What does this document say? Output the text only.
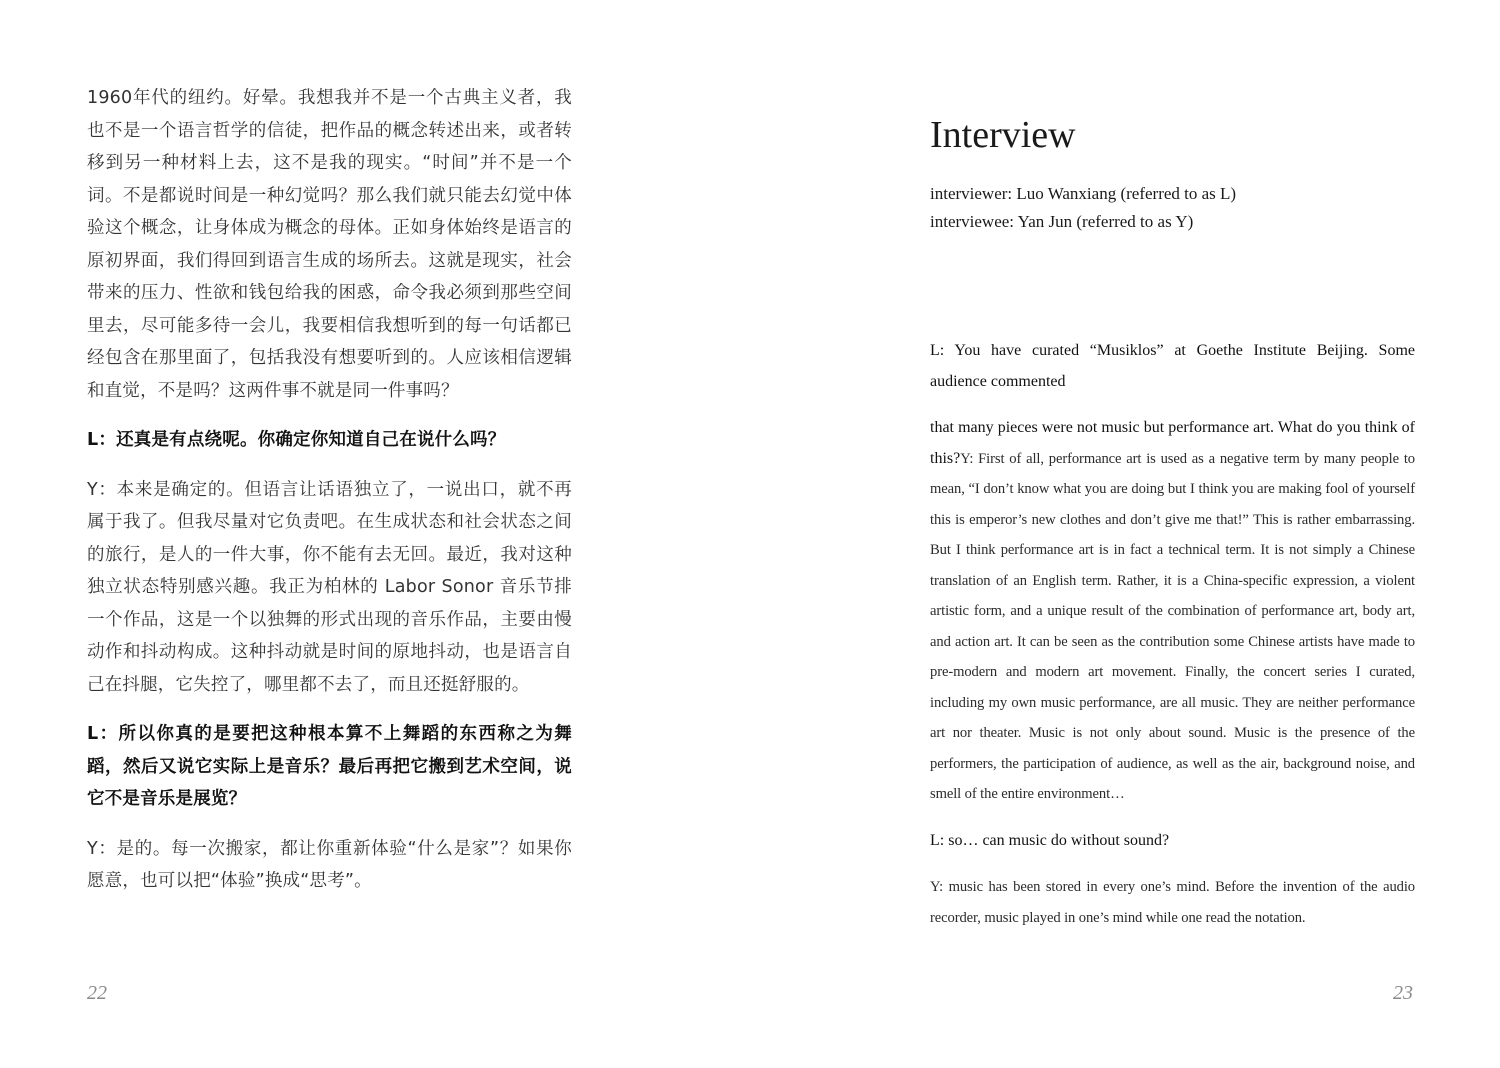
1960年代的纽约。好晕。我想我并不是一个古典主义者，我也不是一个语言哲学的信徒，把作品的概念转述出来，或者转移到另一种材料上去，这不是我的现实。“时间”并不是一个词。不是都说时间是一种幻觉吗？那么我们就只能去幻觉中体验这个概念，让身体成为概念的母体。正如身体始终是语言的原初界面，我们得回到语言生成的场所去。这就是现实，社会带来的压力、性欲和钱包给我的困惑，命令我必须到那些空间里去，尽可能多待一会儿，我要相信我想听到的每一句话都已经包含在那里面了，包括我没有想要听到的。人应该相信逻辑和直觉，不是吗？这两件事不就是同一件事吗？

L：还真是有点绕呢。你确定你知道自己在说什么吗？

Y：本来是确定的。但语言让话语独立了，一说出口，就不再属于我了。但我尽量对它负责吧。在生成状态和社会状态之间的旅行，是人的一件大事，你不能有去无回。最近，我对这种独立状态特别感兴趣。我正为柏林的 Labor Sonor 音乐节排一个作品，这是一个以独舞的形式出现的音乐作品，主要由慢动作和抖动构成。这种抖动就是时间的原地抖动，也是语言自己在抖腿，它失控了，哪里都不去了，而且还挺舒服的。

L：所以你真的是要把这种根本算不上舞蹈的东西称之为舞蹈，然后又说它实际上是音乐？最后再把它搬到艺术空间，说它不是音乐是展览？

Y：是的。每一次搬家，都让你重新体验“什么是家”？如果你愿意，也可以把“体验”换成“思考”。

22
Interview
interviewer: Luo Wanxiang (referred to as L)
interviewee: Yan Jun (referred to as Y)

L: You have curated “Musiklos” at Goethe Institute Beijing. Some audience commented

that many pieces were not music but performance art. What do you think of this?Y: First of all, performance art is used as a negative term by many people to mean, “I don’t know what you are doing but I think you are making fool of yourself this is emperor’s new clothes and don’t give me that!” This is rather embarrassing. But I think performance art is in fact a technical term. It is not simply a Chinese translation of an English term. Rather, it is a China-specific expression, a violent artistic form, and a unique result of the combination of performance art, body art, and action art. It can be seen as the contribution some Chinese artists have made to pre-modern and modern art movement. Finally, the concert series I curated, including my own music performance, are all music. They are neither performance art nor theater. Music is not only about sound. Music is the presence of the performers, the participation of audience, as well as the air, background noise, and smell of the entire environment…

L: so… can music do without sound?

Y: music has been stored in every one’s mind. Before the invention of the audio recorder, music played in one’s mind while one read the notation.

23
